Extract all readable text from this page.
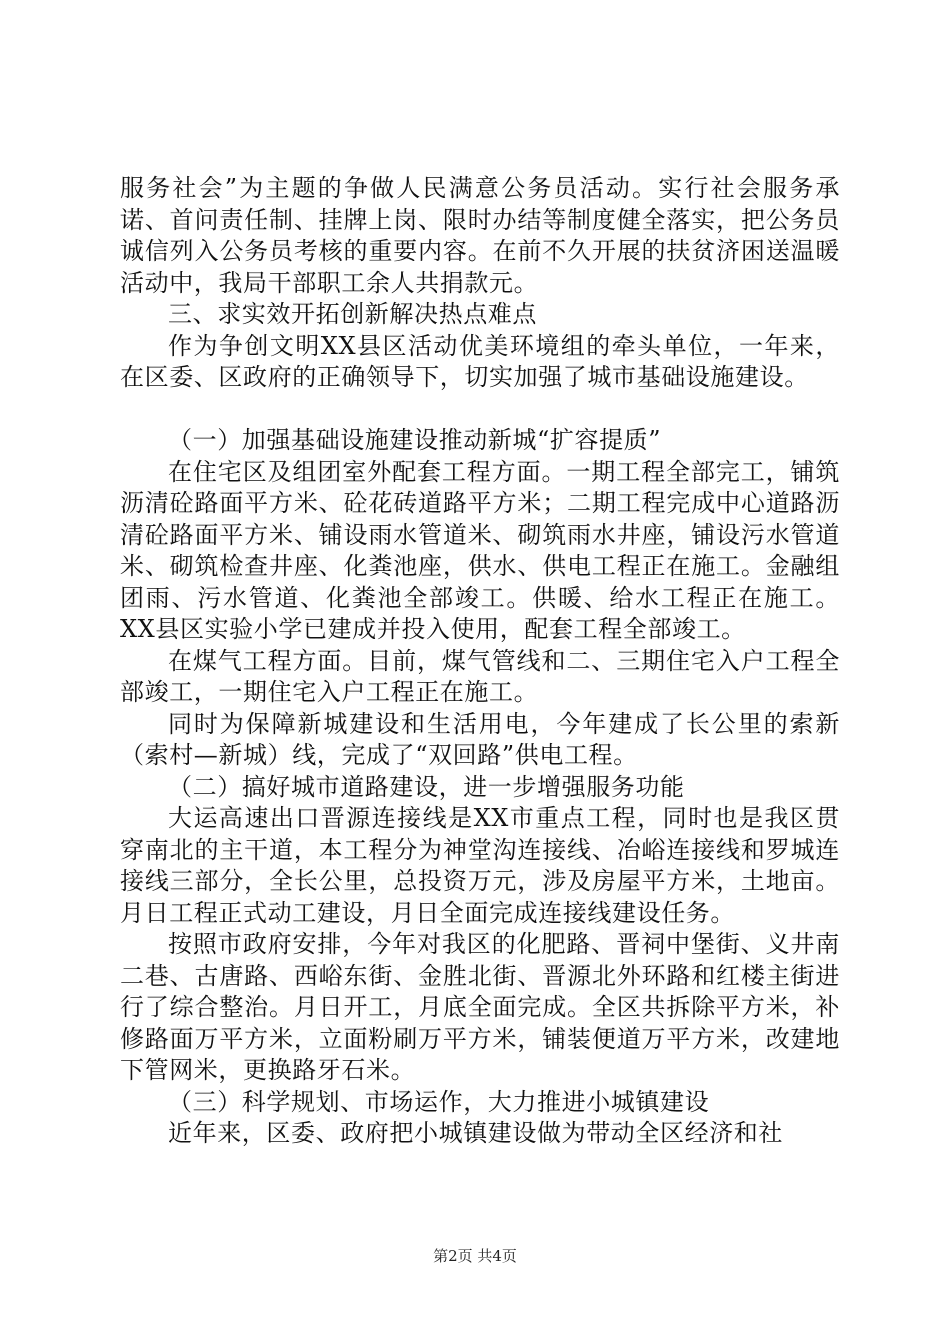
服务社会”为主题的争做人民满意公务员活动。实行社会服务承诺、首问责任制、挂牌上岗、限时办结等制度健全落实，把公务员诚信列入公务员考核的重要内容。在前不久开展的扶贫济困送温暖活动中，我局干部职工余人共捐款元。

三、求实效开拓创新解决热点难点

作为争创文明XX县区活动优美环境组的牵头单位，一年来，在区委、区政府的正确领导下，切实加强了城市基础设施建设。

（一）加强基础设施建设推动新城“扩容提质”

在住宅区及组团室外配套工程方面。一期工程全部完工，铺筑沥清砼路面平方米、砼花砖道路平方米；二期工程完成中心道路沥清砼路面平方米、铺设雨水管道米、砌筑雨水井座，铺设污水管道米、砌筑检查井座、化粪池座，供水、供电工程正在施工。金融组团雨、污水管道、化粪池全部竣工。供暖、给水工程正在施工。XX县区实验小学已建成并投入使用，配套工程全部竣工。

在煤气工程方面。目前，煤气管线和二、三期住宅入户工程全部竣工，一期住宅入户工程正在施工。

同时为保障新城建设和生活用电，今年建成了长公里的索新（索村—新城）线，完成了“双回路”供电工程。

（二）搞好城市道路建设，进一步增强服务功能

大运高速出口晋源连接线是XX市重点工程，同时也是我区贯穿南北的主干道，本工程分为神堂沟连接线、冶峪连接线和罗城连接线三部分，全长公里，总投资万元，涉及房屋平方米，土地亩。月日工程正式动工建设，月日全面完成连接线建设任务。

按照市政府安排，今年对我区的化肥路、晋祠中堡街、义井南二巷、古唐路、西峪东街、金胜北街、晋源北外环路和红楼主街进行了综合整治。月日开工，月底全面完成。全区共拆除平方米，补修路面万平方米，立面粉刷万平方米，铺装便道万平方米，改建地下管网米，更换路牙石米。

（三）科学规划、市场运作，大力推进小城镇建设

近年来，区委、政府把小城镇建设做为带动全区经济和社

第2页 共4页
